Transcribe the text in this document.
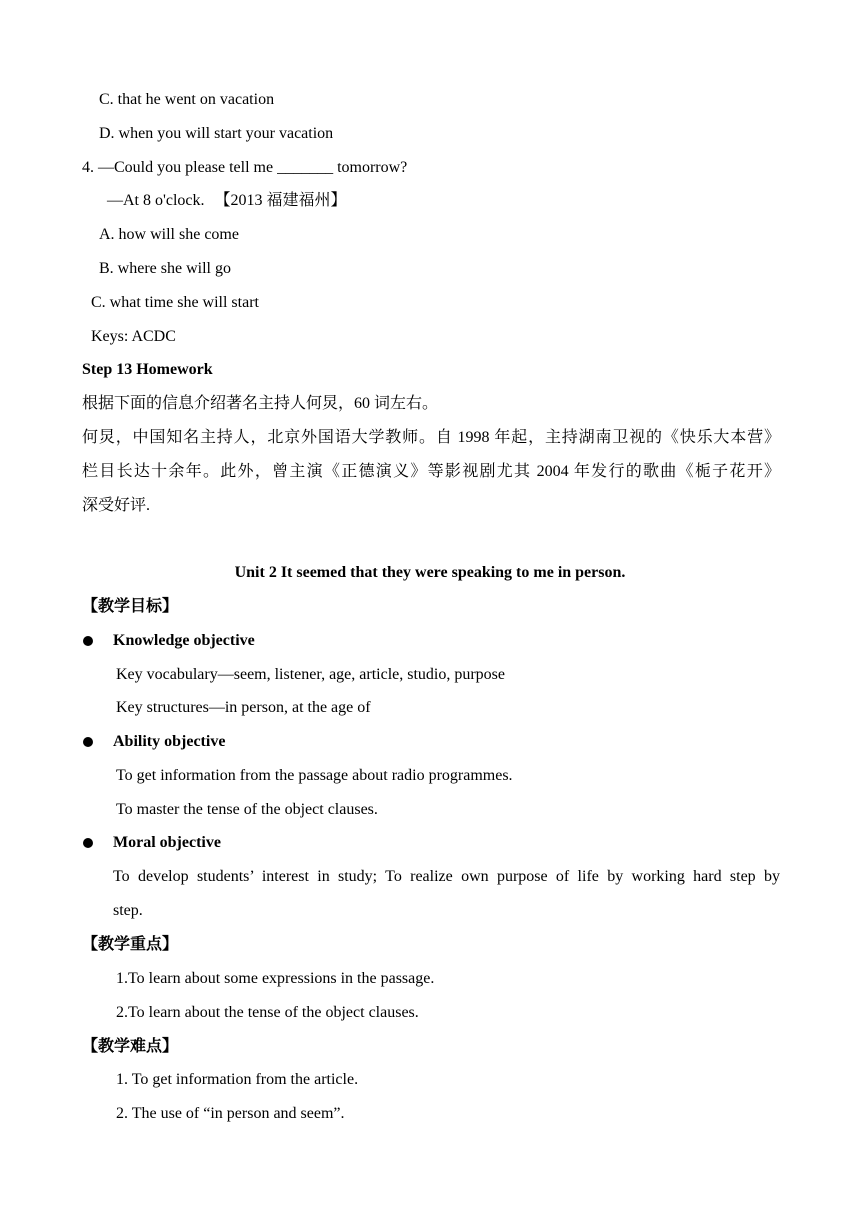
C. that he went on vacation
D. when you will start your vacation
4. —Could you please tell me _______ tomorrow?
—At 8 o'clock. 【2013 福建福州】
A. how will she come
B. where she will go
C. what time she will start
Keys: ACDC
Step 13 Homework
根据下面的信息介绍著名主持人何炅，60 词左右。
何炅，中国知名主持人，北京外国语大学教师。自 1998 年起，主持湖南卫视的《快乐大本营》
栏目长达十余年。此外，曾主演《正德演义》等影视剧尤其 2004 年发行的歌曲《栀子花开》
深受好评.
Unit 2 It seemed that they were speaking to me in person.
【教学目标】
Knowledge objective
Key vocabulary—seem, listener, age, article, studio, purpose
Key structures—in person, at the age of
Ability objective
To get information from the passage about radio programmes.
To master the tense of the object clauses.
Moral objective
To develop students’ interest in study; To realize own purpose of life by working hard step by
step.
【教学重点】
1.To learn about some expressions in the passage.
2.To learn about the tense of the object clauses.
【教学难点】
1. To get information from the article.
2. The use of “in person and seem”.
